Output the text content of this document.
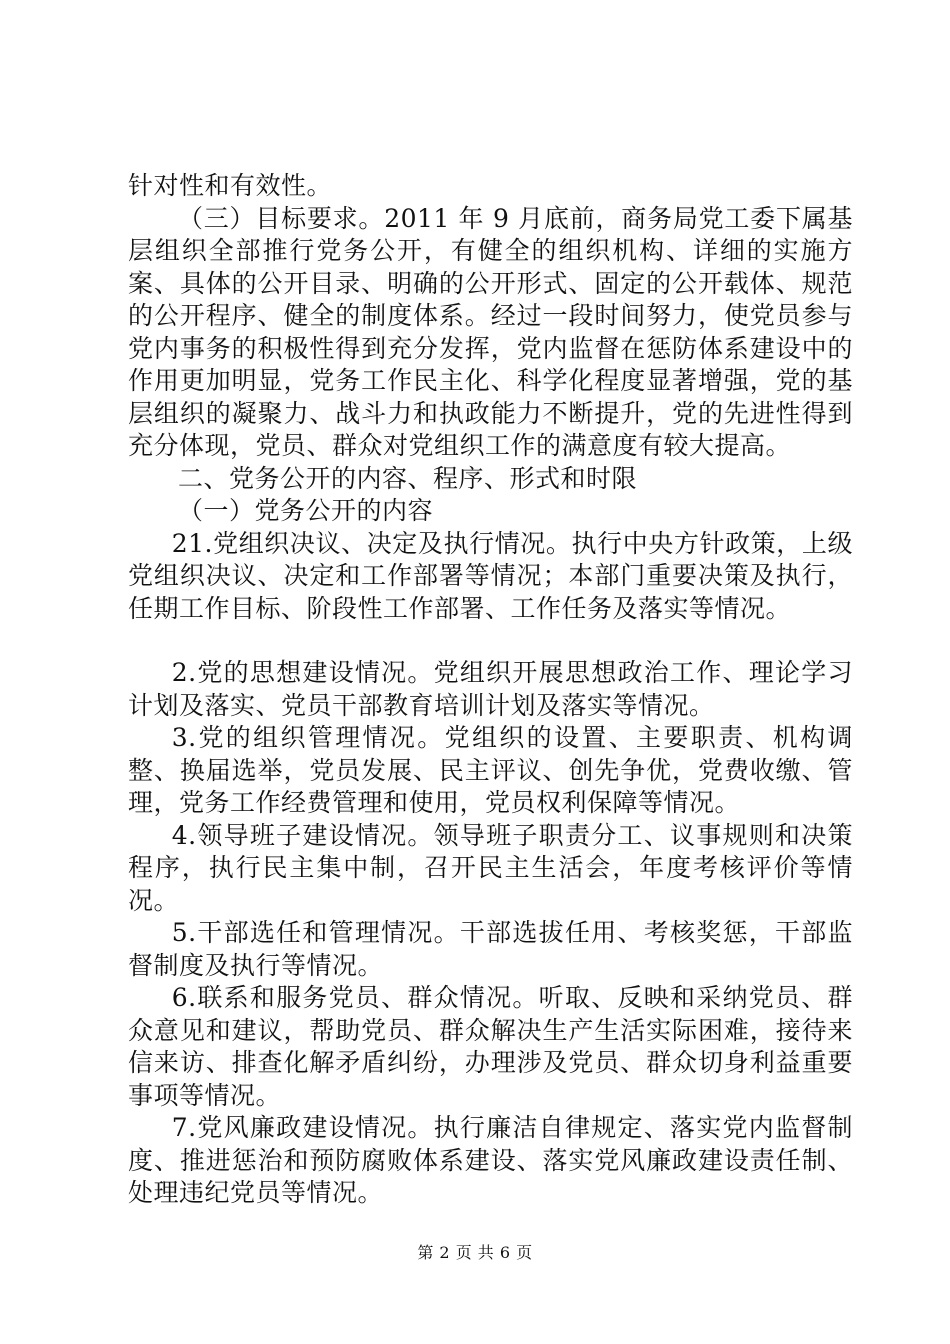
针对性和有效性。

（三）目标要求。2011 年 9 月底前，商务局党工委下属基层组织全部推行党务公开，有健全的组织机构、详细的实施方案、具体的公开目录、明确的公开形式、固定的公开载体、规范的公开程序、健全的制度体系。经过一段时间努力，使党员参与党内事务的积极性得到充分发挥，党内监督在惩防体系建设中的作用更加明显，党务工作民主化、科学化程度显著增强，党的基层组织的凝聚力、战斗力和执政能力不断提升，党的先进性得到充分体现，党员、群众对党组织工作的满意度有较大提高。

二、党务公开的内容、程序、形式和时限

（一）党务公开的内容

21.党组织决议、决定及执行情况。执行中央方针政策，上级党组织决议、决定和工作部署等情况；本部门重要决策及执行，任期工作目标、阶段性工作部署、工作任务及落实等情况。

2.党的思想建设情况。党组织开展思想政治工作、理论学习计划及落实、党员干部教育培训计划及落实等情况。

3.党的组织管理情况。党组织的设置、主要职责、机构调整、换届选举，党员发展、民主评议、创先争优，党费收缴、管理，党务工作经费管理和使用，党员权利保障等情况。

4.领导班子建设情况。领导班子职责分工、议事规则和决策程序，执行民主集中制，召开民主生活会，年度考核评价等情况。

5.干部选任和管理情况。干部选拔任用、考核奖惩，干部监督制度及执行等情况。

6.联系和服务党员、群众情况。听取、反映和采纳党员、群众意见和建议，帮助党员、群众解决生产生活实际困难，接待来信来访、排查化解矛盾纠纷，办理涉及党员、群众切身利益重要事项等情况。

7.党风廉政建设情况。执行廉洁自律规定、落实党内监督制度、推进惩治和预防腐败体系建设、落实党风廉政建设责任制、处理违纪党员等情况。

第 2 页 共 6 页
